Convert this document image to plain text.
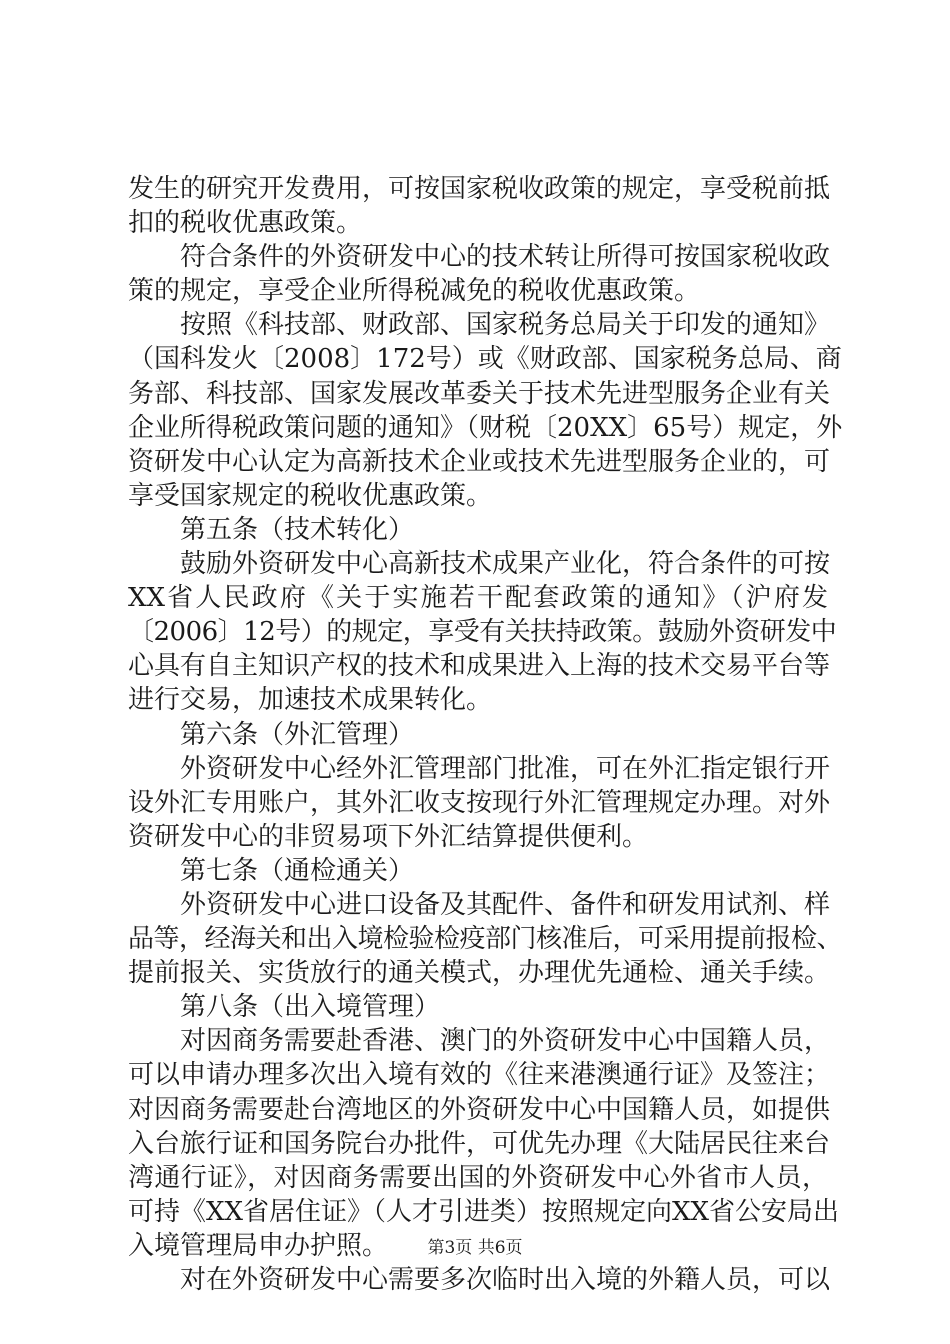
发生的研究开发费用，可按国家税收政策的规定，享受税前抵
扣的税收优惠政策。
符合条件的外资研发中心的技术转让所得可按国家税收政
策的规定，享受企业所得税减免的税收优惠政策。
按照《科技部、财政部、国家税务总局关于印发的通知》
（国科发火〔2008〕172号）或《财政部、国家税务总局、商
务部、科技部、国家发展改革委关于技术先进型服务企业有关
企业所得税政策问题的通知》（财税〔20XX〕65号）规定，外
资研发中心认定为高新技术企业或技术先进型服务企业的，可
享受国家规定的税收优惠政策。
第五条（技术转化）
鼓励外资研发中心高新技术成果产业化，符合条件的可按
XX省人民政府《关于实施若干配套政策的通知》（沪府发
〔2006〕12号）的规定，享受有关扶持政策。鼓励外资研发中
心具有自主知识产权的技术和成果进入上海的技术交易平台等
进行交易，加速技术成果转化。
第六条（外汇管理）
外资研发中心经外汇管理部门批准，可在外汇指定银行开
设外汇专用账户，其外汇收支按现行外汇管理规定办理。对外
资研发中心的非贸易项下外汇结算提供便利。
第七条（通检通关）
外资研发中心进口设备及其配件、备件和研发用试剂、样
品等，经海关和出入境检验检疫部门核准后，可采用提前报检、
提前报关、实货放行的通关模式，办理优先通检、通关手续。
第八条（出入境管理）
对因商务需要赴香港、澳门的外资研发中心中国籍人员，
可以申请办理多次出入境有效的《往来港澳通行证》及签注；
对因商务需要赴台湾地区的外资研发中心中国籍人员，如提供
入台旅行证和国务院台办批件，可优先办理《大陆居民往来台
湾通行证》，对因商务需要出国的外资研发中心外省市人员，
可持《XX省居住证》（人才引进类）按照规定向XX省公安局出
入境管理局申办护照。
对在外资研发中心需要多次临时出入境的外籍人员，可以
第3页 共6页
